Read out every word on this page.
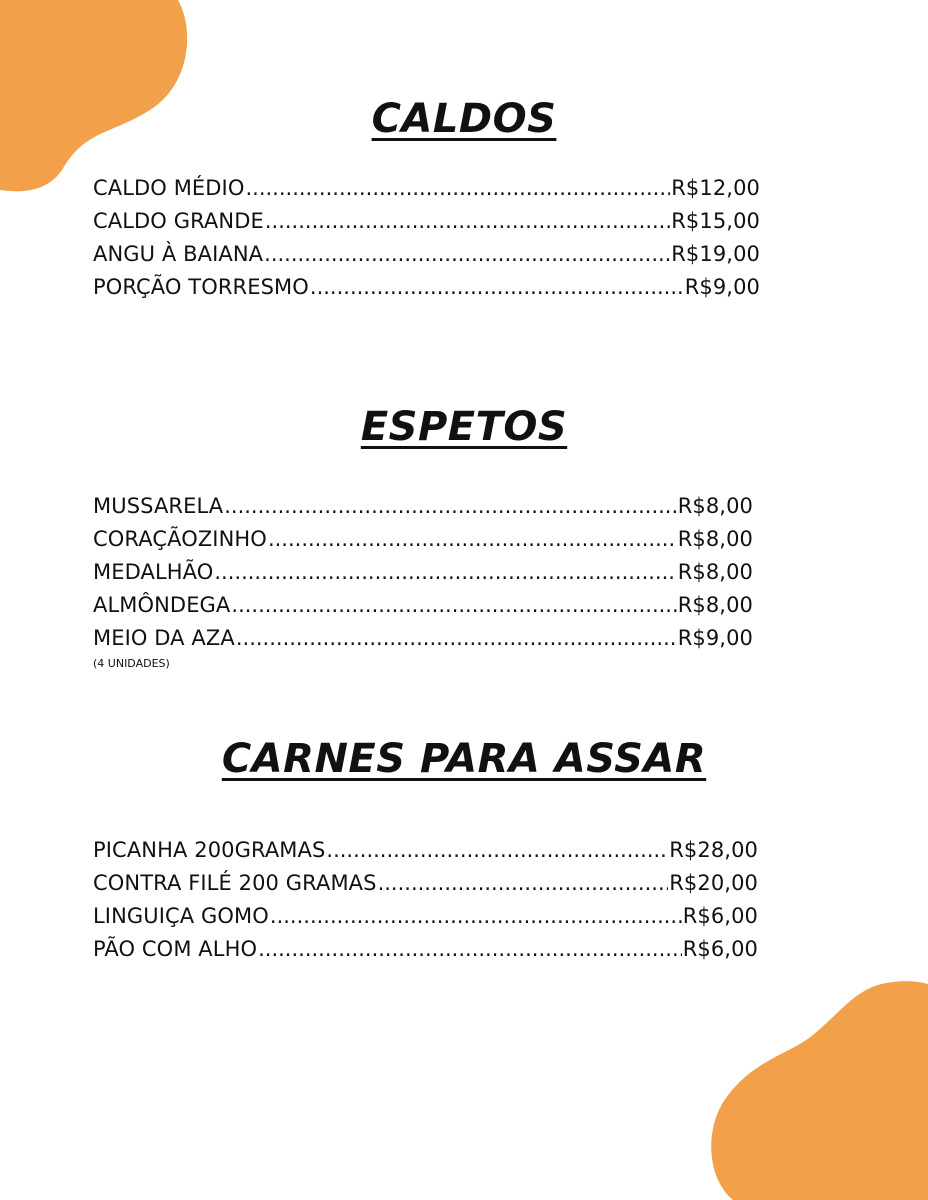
CALDOS
CALDO MÉDIO .....	R$12,00
CALDO GRANDE .....	R$15,00
ANGU À BAIANA .....	R$19,00
PORÇÃO TORRESMO .....	R$9,00
ESPETOS
MUSSARELA .....	R$8,00
CORAÇÃOZINHO .....	R$8,00
MEDALHÃO .....	R$8,00
ALMÔNDEGA .....	R$8,00
MEIO DA AZA .....	R$9,00

(4 UNIDADES)

CARNES PARA ASSAR
PICANHA 200GRAMAS .....	R$28,00
CONTRA FILÉ 200 GRAMAS .....	R$20,00
LINGUIÇA GOMO .....	R$6,00
PÃO COM ALHO .....	R$6,00
